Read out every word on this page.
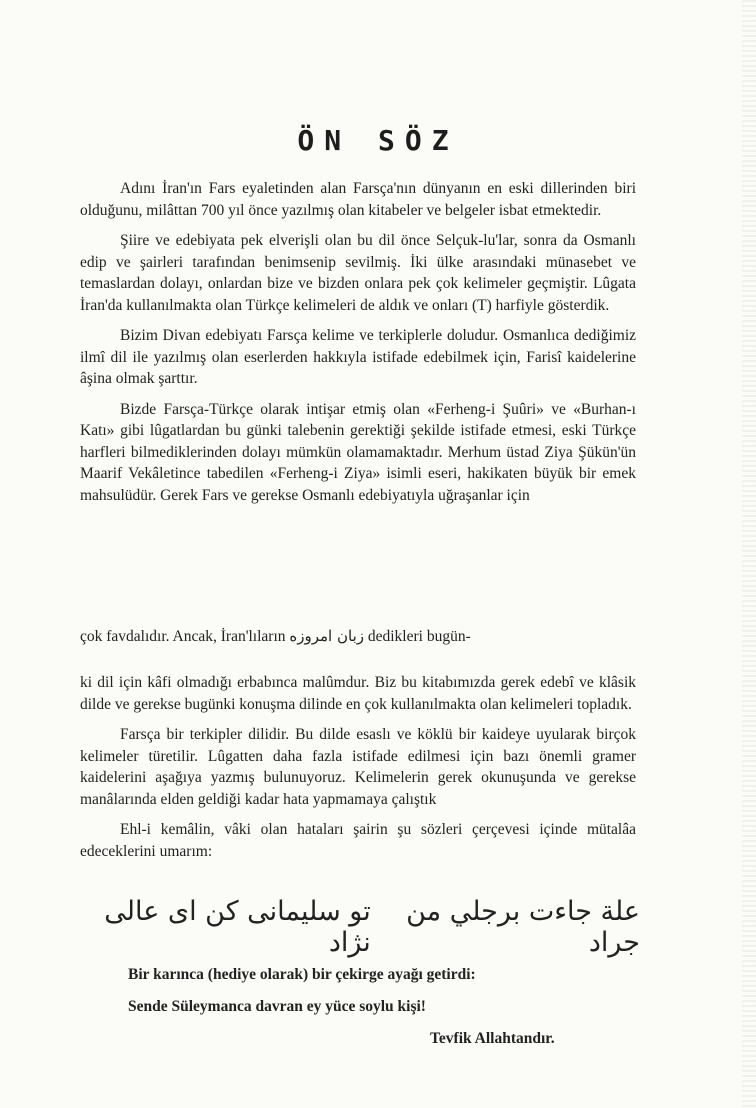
ÖN SÖZ

Adını İran'ın Fars eyaletinden alan Farsça'nın dünyanın en eski dillerinden biri olduğunu, milâttan 700 yıl önce yazılmış olan kitabeler ve belgeler isbat etmektedir.

Şiire ve edebiyata pek elverişli olan bu dil önce Selçuk-lu'lar, sonra da Osmanlı edip ve şairleri tarafından benimsenip sevilmiş. İki ülke arasındaki münasebet ve temaslardan dolayı, onlardan bize ve bizden onlara pek çok kelimeler geçmiştir. Lûgata İran'da kullanılmakta olan Türkçe kelimeleri de aldık ve onları (T) harfiyle gösterdik.

Bizim Divan edebiyatı Farsça kelime ve terkiplerle doludur. Osmanlıca dediğimiz ilmî dil ile yazılmış olan eserlerden hakkıyla istifade edebilmek için, Farisî kaidelerine âşina olmak şarttır.

Bizde Farsça-Türkçe olarak intişar etmiş olan «Ferheng-i Şuûri» ve «Burhan-ı Katı» gibi lûgatlardan bu günki talebenin gerektiği şekilde istifade etmesi, eski Türkçe harfleri bilmediklerinden dolayı mümkün olamamaktadır. Merhum üstad Ziya Şükün'ün Maarif Vekâletince tabedilen «Ferheng-i Ziya» isimli eseri, hakikaten büyük bir emek mahsulüdür. Gerek Fars ve gerekse Osmanlı edebiyatıyla uğraşanlar için

çok favdalıdır. Ancak, İran'lıların زبان امروزه dedikleri bugün-

ki dil için kâfi olmadığı erbabınca malûmdur. Biz bu kitabımızda gerek edebî ve klâsik dilde ve gerekse bugünki konuşma dilinde en çok kullanılmakta olan kelimeleri topladık.

Farsça bir terkipler dilidir. Bu dilde esaslı ve köklü bir kaideye uyularak birçok kelimeler türetilir. Lûgatten daha fazla istifade edilmesi için bazı önemli gramer kaidelerini aşağıya yazmış bulunuyoruz. Kelimelerin gerek okunuşunda ve gerekse manâlarında elden geldiği kadar hata yapmamaya çalıştık

Ehl-i kemâlin, vâki olan hataları şairin şu sözleri çerçevesi içinde mütalâa edeceklerini umarım:

علة جاءت برجلي من جراد
تو سليمانى كن اى عالى نژاد
Bir karınca (hediye olarak) bir çekirge ayağı getirdi:
Sende Süleymanca davran ey yüce soylu kişi!
Tevfik Allahtandır.
